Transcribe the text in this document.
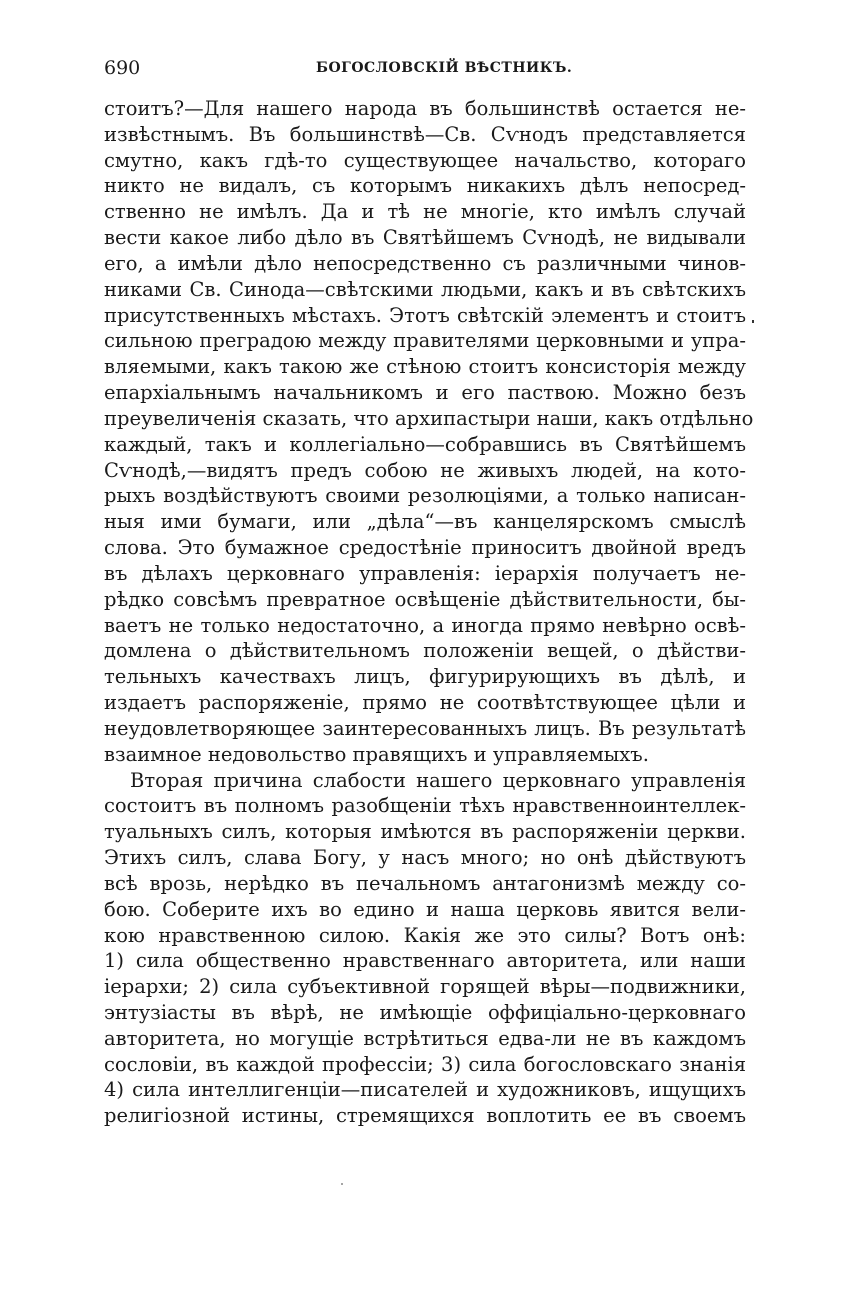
690	БОГОСЛОВСКІЙ ВѢСТНИКЪ.
стоитъ?—Для нашего народа въ большинствѣ остается не-
извѣстнымъ. Въ большинствѣ—Св. Сѵнодъ представляется
смутно, какъ гдѣ-то существующее начальство, котораго
никто не видалъ, съ которымъ никакихъ дѣлъ непосред-
ственно не имѣлъ. Да и тѣ не многіе, кто имѣлъ случай
вести какое либо дѣло въ Святѣйшемъ Сѵнодѣ, не видывали
его, а имѣли дѣло непосредственно съ различными чинов-
никами Св. Синода—свѣтскими людьми, какъ и въ свѣтскихъ
присутственныхъ мѣстахъ. Этотъ свѣтскій элементъ и стоитъ
сильною преградою между правителями церковными и упра-
вляемыми, какъ такою же стѣною стоитъ консисторія между
епархіальнымъ начальникомъ и его паствою. Можно безъ
преувеличенія сказать, что архипастыри наши, какъ отдѣльно
каждый, такъ и коллегіально—собравшись въ Святѣйшемъ
Сѵнодѣ,—видятъ предъ собою не живыхъ людей, на кото-
рыхъ воздѣйствуютъ своими резолюціями, а только написан-
ныя ими бумаги, или „дѣла“—въ канцелярскомъ смыслѣ
слова. Это бумажное средостѣніе приноситъ двойной вредъ
въ дѣлахъ церковнаго управленія: іерархія получаетъ не-
рѣдко совсѣмъ превратное освѣщеніе дѣйствительности, бы-
ваетъ не только недостаточно, а иногда прямо невѣрно освѣ-
домлена о дѣйствительномъ положеніи вещей, о дѣйстви-
тельныхъ качествахъ лицъ, фигурирующихъ въ дѣлѣ, и
издаетъ распоряженіе, прямо не соотвѣтствующее цѣли и
неудовлетворяющее заинтересованныхъ лицъ. Въ результатѣ
взаимное недовольство правящихъ и управляемыхъ.
Вторая причина слабости нашего церковнаго управленія
состоитъ въ полномъ разобщеніи тѣхъ нравственноинтеллек-
туальныхъ силъ, которыя имѣются въ распоряженіи церкви.
Этихъ силъ, слава Богу, у насъ много; но онѣ дѣйствуютъ
всѣ врозь, нерѣдко въ печальномъ антагонизмѣ между со-
бою. Соберите ихъ во едино и наша церковь явится вели-
кою нравственною силою. Какія же это силы? Вотъ онѣ:
1) сила общественно нравственнаго авторитета, или наши
іерархи; 2) сила субъективной горящей вѣры—подвижники,
энтузіасты въ вѣрѣ, не имѣющіе оффиціально-церковнаго
авторитета, но могущіе встрѣтиться едва-ли не въ каждомъ
сословіи, въ каждой профессіи; 3) сила богословскаго знанія
4) сила интеллигенціи—писателей и художниковъ, ищущихъ
религіозной истины, стремящихся воплотить ее въ своемъ
